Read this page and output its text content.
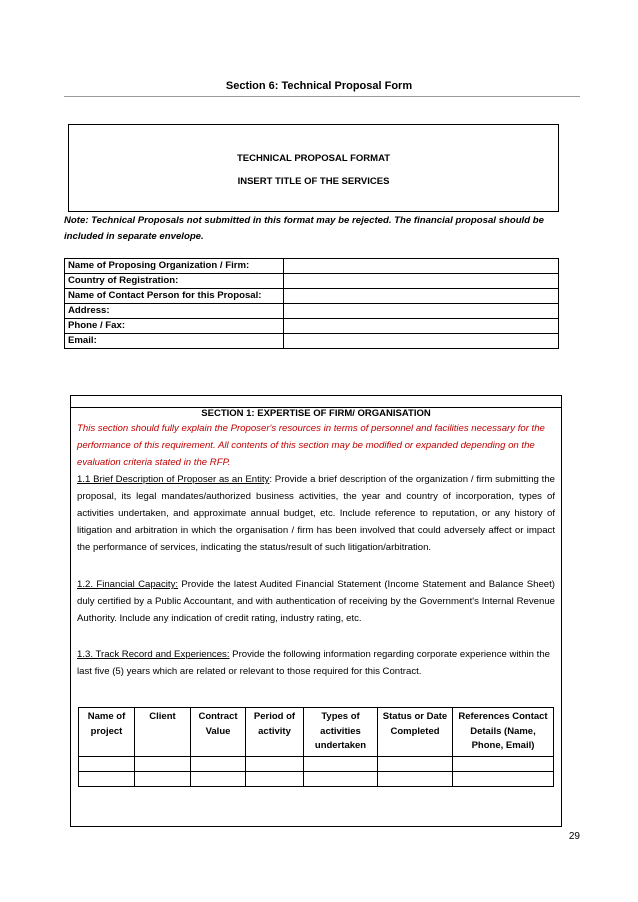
Section 6: Technical Proposal Form
TECHNICAL PROPOSAL FORMAT
INSERT TITLE OF THE SERVICES
Note: Technical Proposals not submitted in this format may be rejected. The financial proposal should be included in separate envelope.
Name of Proposing Organization / Firm:	
Country of Registration:	
Name of Contact Person for this Proposal:	
Address:	
Phone / Fax:	
Email:	
SECTION 1: EXPERTISE OF FIRM/ ORGANISATION
This section should fully explain the Proposer's resources in terms of personnel and facilities necessary for the performance of this requirement. All contents of this section may be modified or expanded depending on the evaluation criteria stated in the RFP.
1.1 Brief Description of Proposer as an Entity: Provide a brief description of the organization / firm submitting the proposal, its legal mandates/authorized business activities, the year and country of incorporation, types of activities undertaken, and approximate annual budget, etc. Include reference to reputation, or any history of litigation and arbitration in which the organisation / firm has been involved that could adversely affect or impact the performance of services, indicating the status/result of such litigation/arbitration.
1.2. Financial Capacity: Provide the latest Audited Financial Statement (Income Statement and Balance Sheet) duly certified by a Public Accountant, and with authentication of receiving by the Government's Internal Revenue Authority. Include any indication of credit rating, industry rating, etc.
1.3. Track Record and Experiences: Provide the following information regarding corporate experience within the last five (5) years which are related or relevant to those required for this Contract.
Name of project	Client	Contract Value	Period of activity	Types of activities undertaken	Status or Date Completed	References Contact Details (Name, Phone, Email)

29
